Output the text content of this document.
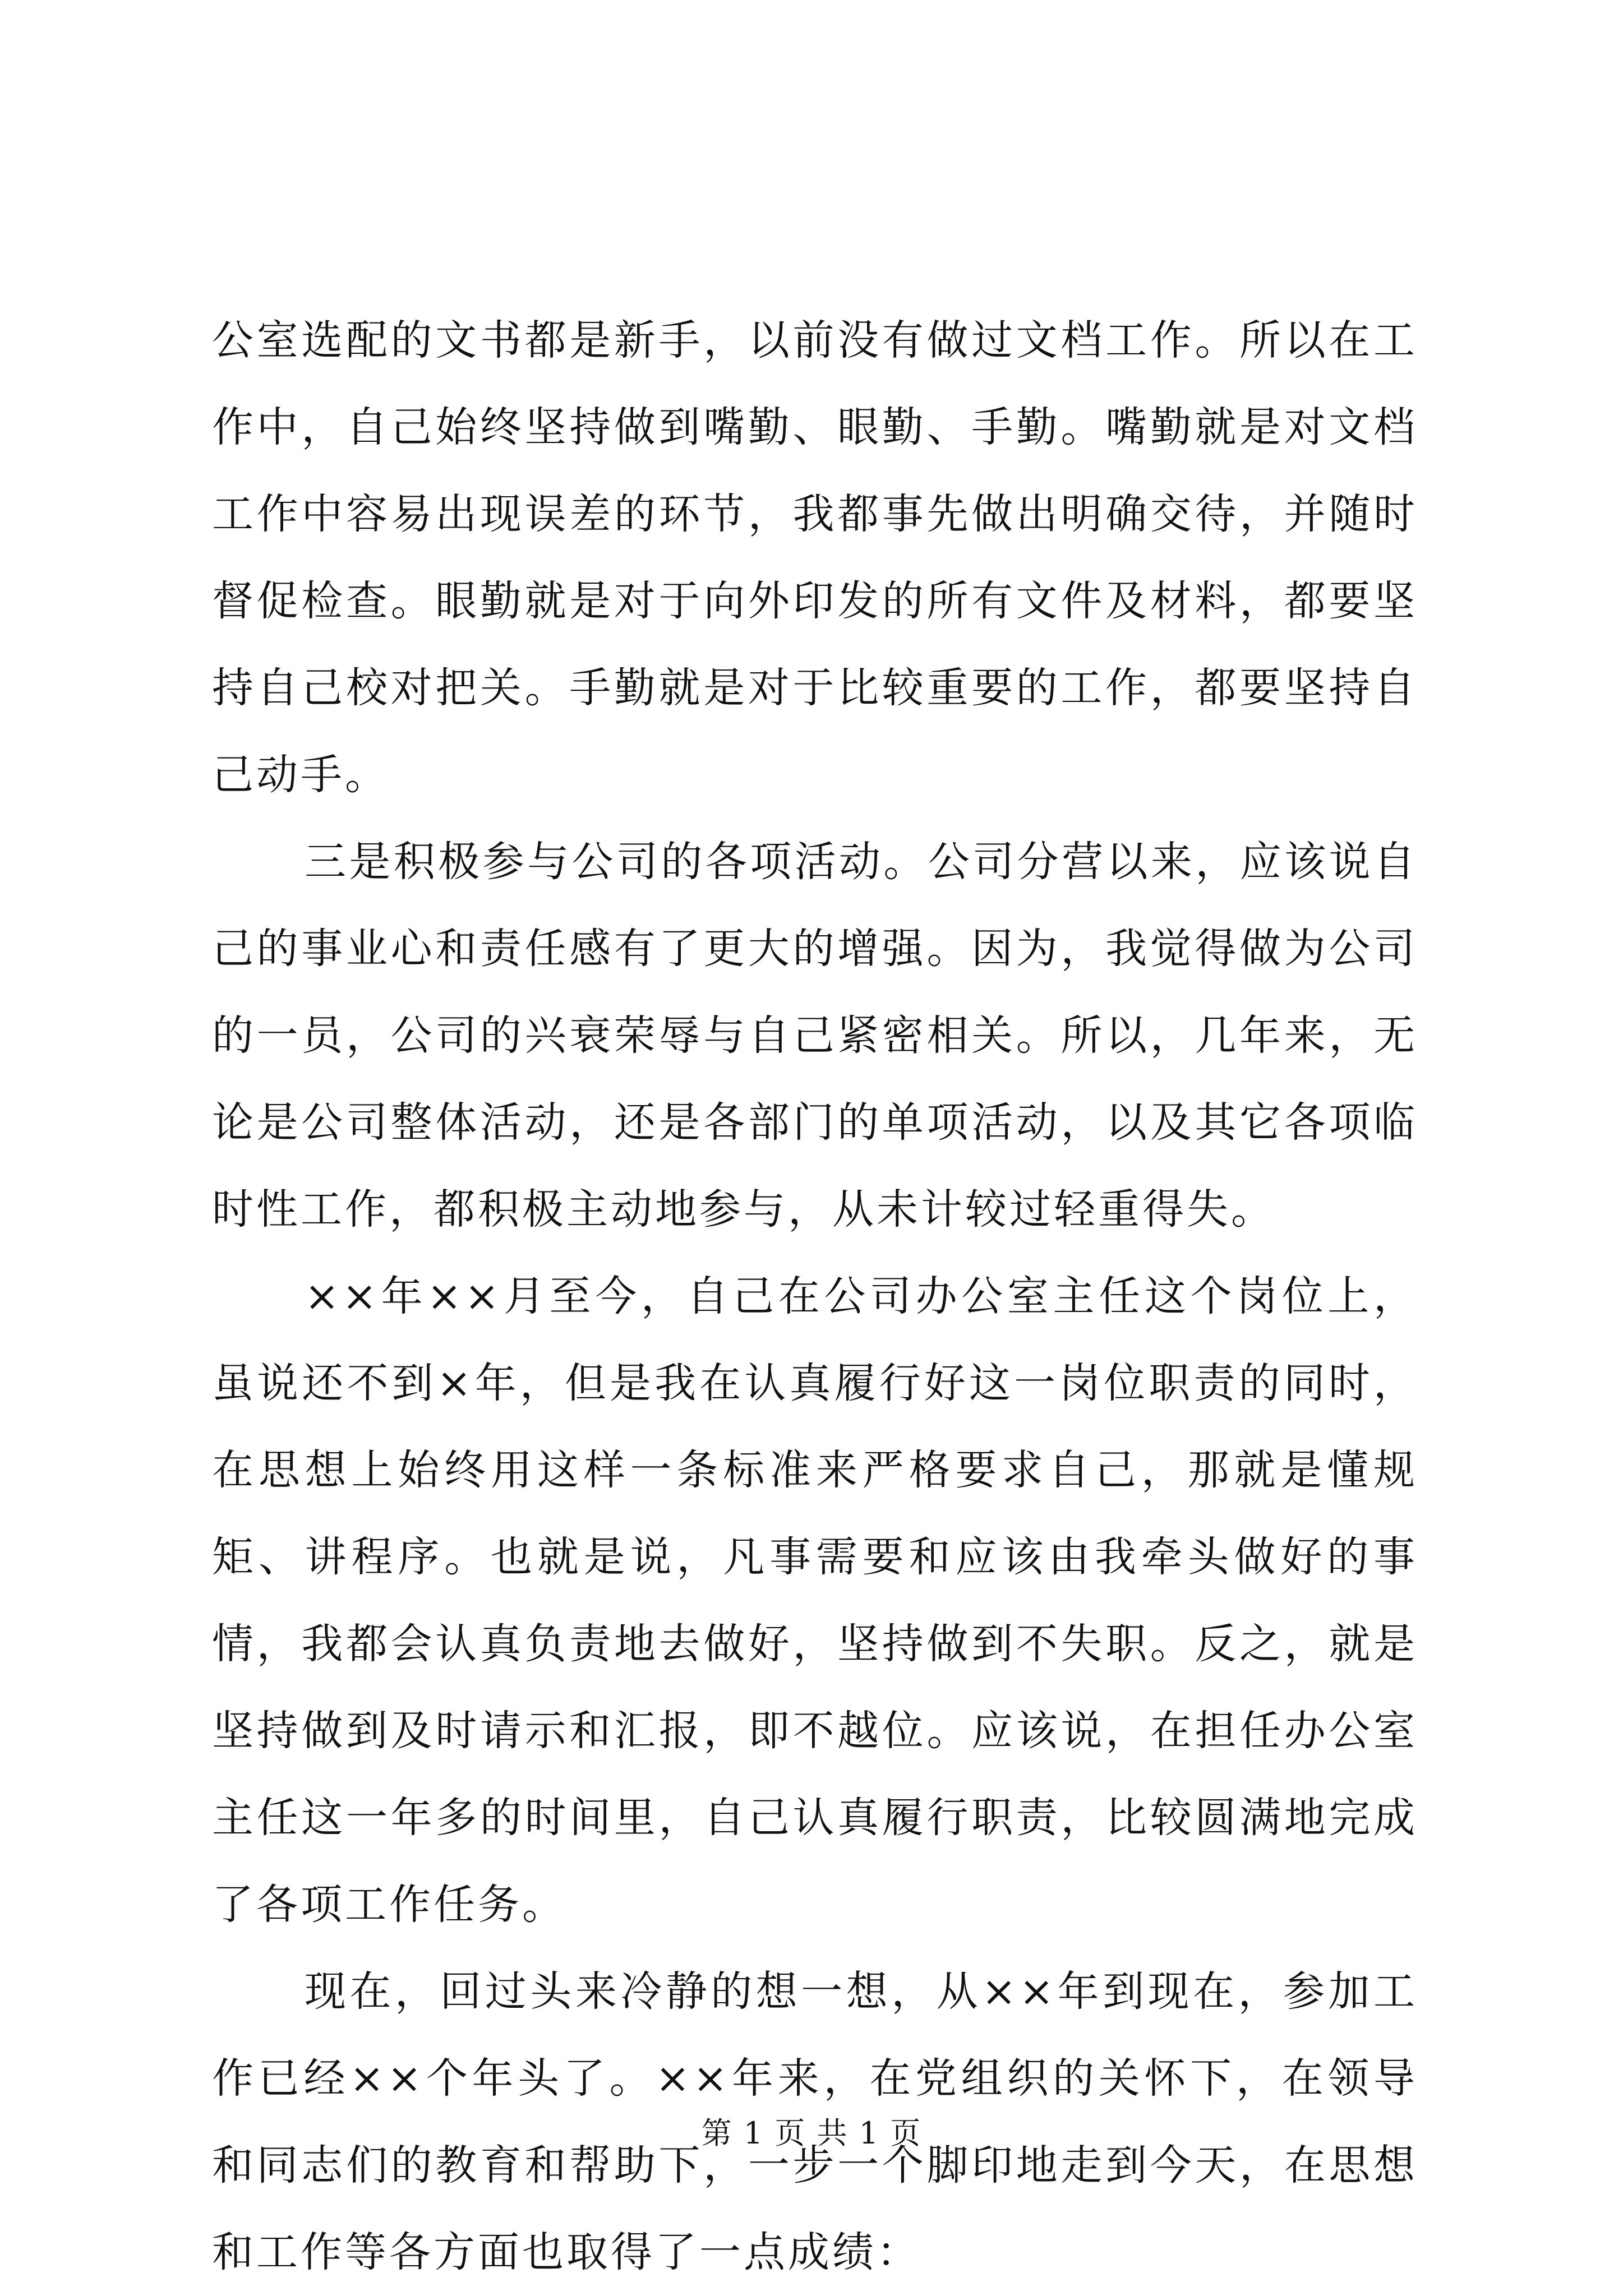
公室选配的文书都是新手，以前没有做过文档工作。所以在工作中，自己始终坚持做到嘴勤、眼勤、手勤。嘴勤就是对文档工作中容易出现误差的环节，我都事先做出明确交待，并随时督促检查。眼勤就是对于向外印发的所有文件及材料，都要坚持自己校对把关。手勤就是对于比较重要的工作，都要坚持自己动手。

三是积极参与公司的各项活动。公司分营以来，应该说自己的事业心和责任感有了更大的增强。因为，我觉得做为公司的一员，公司的兴衰荣辱与自己紧密相关。所以，几年来，无论是公司整体活动，还是各部门的单项活动，以及其它各项临时性工作，都积极主动地参与，从未计较过轻重得失。

××年××月至今，自己在公司办公室主任这个岗位上，虽说还不到×年，但是我在认真履行好这一岗位职责的同时，在思想上始终用这样一条标准来严格要求自己，那就是懂规矩、讲程序。也就是说，凡事需要和应该由我牵头做好的事情，我都会认真负责地去做好，坚持做到不失职。反之，就是坚持做到及时请示和汇报，即不越位。应该说，在担任办公室主任这一年多的时间里，自己认真履行职责，比较圆满地完成了各项工作任务。

现在，回过头来冷静的想一想，从××年到现在，参加工作已经××个年头了。××年来，在党组织的关怀下，在领导和同志们的教育和帮助下，一步一个脚印地走到今天，在思想和工作等各方面也取得了一点成绩：

第 1 页 共 1 页
